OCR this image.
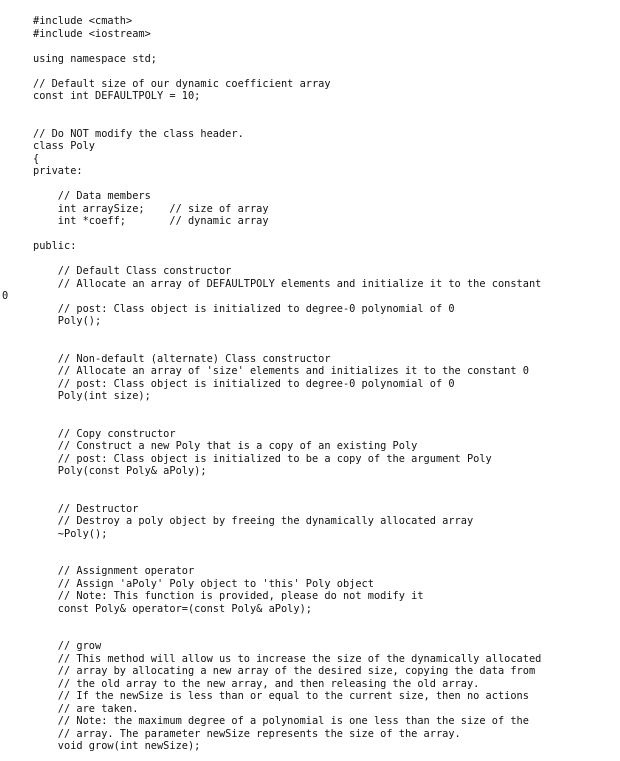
#include <cmath>
#include <iostream>
using namespace std;
// Default size of our dynamic coefficient array
const int DEFAULTPOLY = 10;
// Do NOT modify the class header.
class Poly
{
private:
// Data members
int arraySize;    // size of array
int *coeff;       // dynamic array
public:
// Default Class constructor
// Allocate an array of DEFAULTPOLY elements and initialize it to the constant
0
// post: Class object is initialized to degree-0 polynomial of 0
Poly();
// Non-default (alternate) Class constructor
// Allocate an array of 'size' elements and initializes it to the constant 0
// post: Class object is initialized to degree-0 polynomial of 0
Poly(int size);
// Copy constructor
// Construct a new Poly that is a copy of an existing Poly
// post: Class object is initialized to be a copy of the argument Poly
Poly(const Poly& aPoly);
// Destructor
// Destroy a poly object by freeing the dynamically allocated array
~Poly();
// Assignment operator
// Assign 'aPoly' Poly object to 'this' Poly object
// Note: This function is provided, please do not modify it
const Poly& operator=(const Poly& aPoly);
// grow
// This method will allow us to increase the size of the dynamically allocated
// array by allocating a new array of the desired size, copying the data from
// the old array to the new array, and then releasing the old array.
// If the newSize is less than or equal to the current size, then no actions
// are taken.
// Note: the maximum degree of a polynomial is one less than the size of the
// array. The parameter newSize represents the size of the array.
void grow(int newSize);
